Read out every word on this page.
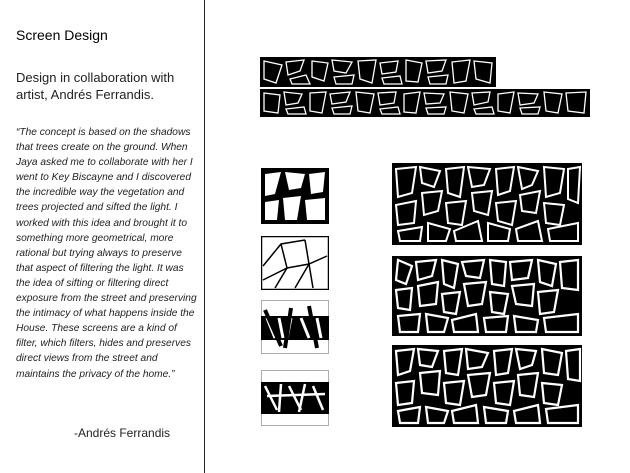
Screen Design
Design in collaboration with artist, Andrés Ferrandis.
“The concept is based on the shadows that trees create on the ground. When Jaya asked me to collaborate with her I went to Key Biscayne and I discovered the incredible way the vegetation and trees projected and sifted the light. I worked with this idea and brought it to something more geometrical, more rational but trying always to preserve that aspect of filtering the light. It was the idea of sifting or filtering direct exposure from the street and preserving the intimacy of what happens inside the House. These screens are a kind of filter, which filters, hides and preserves direct views from the street and maintains the privacy of the home.”
-Andrés Ferrandis
